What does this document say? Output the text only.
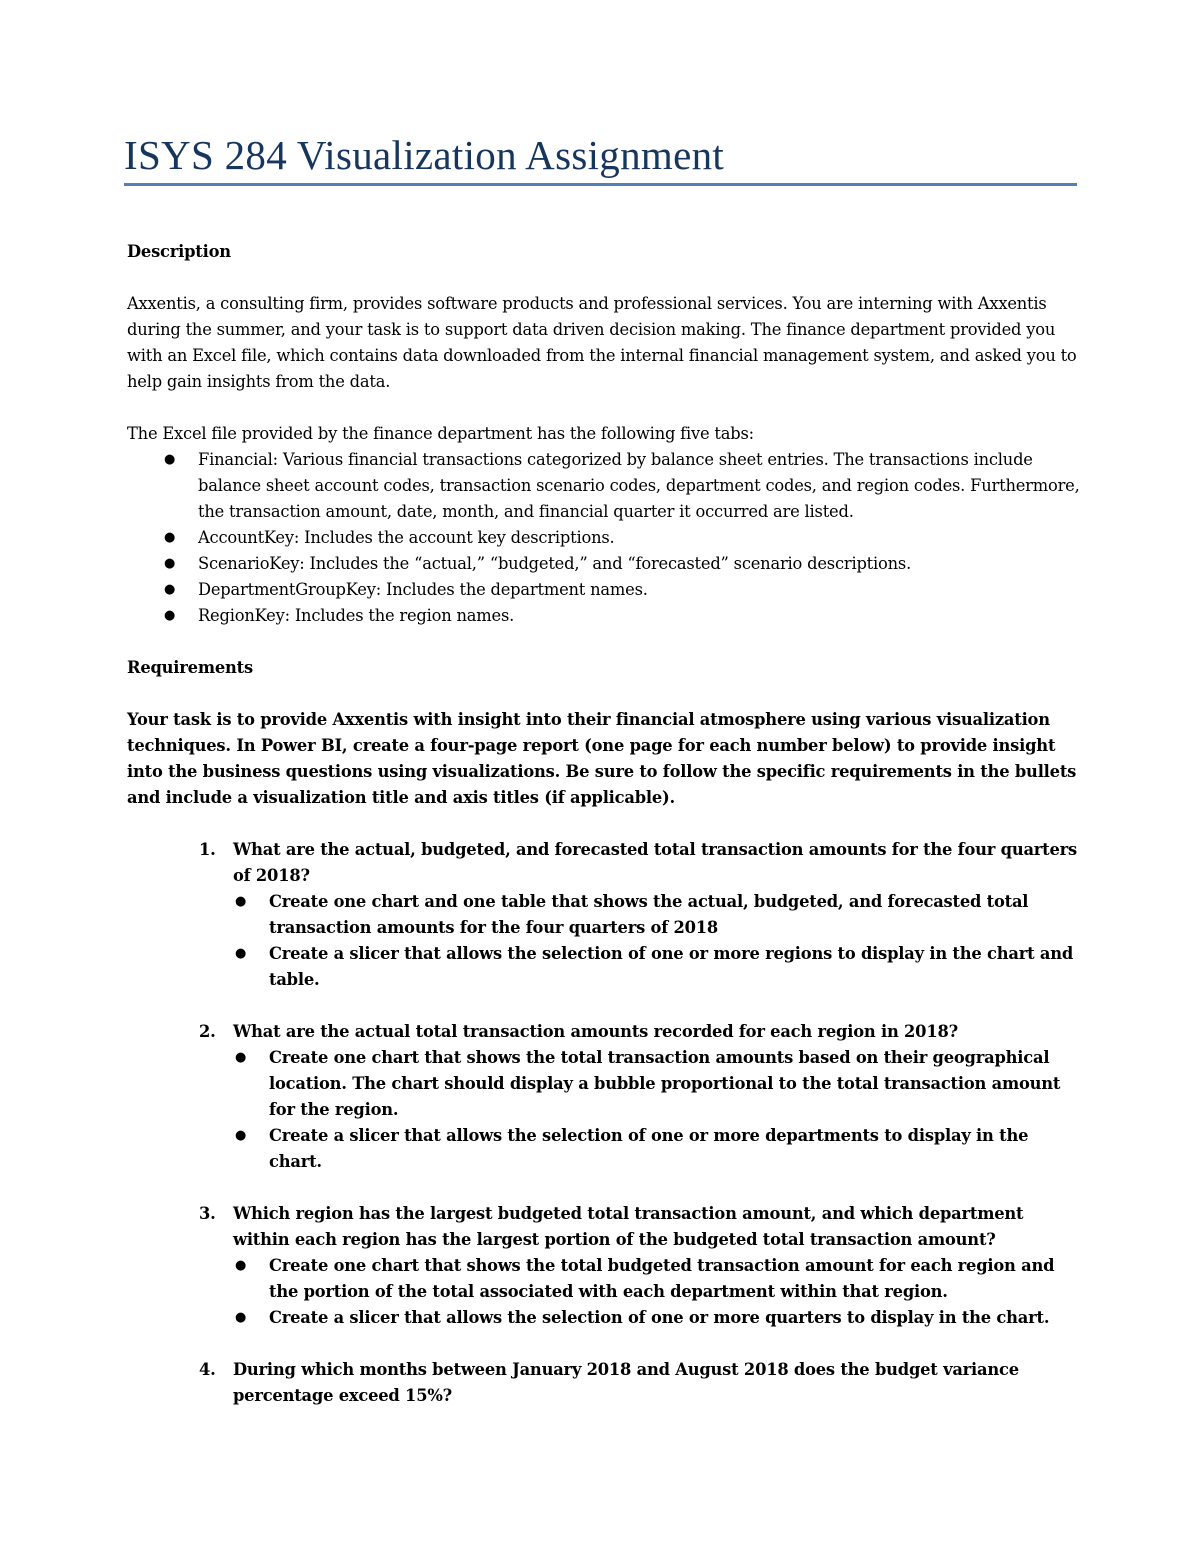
ISYS 284 Visualization Assignment

Description

Axxentis, a consulting firm, provides software products and professional services. You are interning with Axxentis during the summer, and your task is to support data driven decision making. The finance department provided you with an Excel file, which contains data downloaded from the internal financial management system, and asked you to help gain insights from the data.

The Excel file provided by the finance department has the following five tabs:

● Financial: Various financial transactions categorized by balance sheet entries. The transactions include balance sheet account codes, transaction scenario codes, department codes, and region codes. Furthermore, the transaction amount, date, month, and financial quarter it occurred are listed.
● AccountKey: Includes the account key descriptions.
● ScenarioKey: Includes the “actual,” “budgeted,” and “forecasted” scenario descriptions.
● DepartmentGroupKey: Includes the department names.
● RegionKey: Includes the region names.

Requirements

Your task is to provide Axxentis with insight into their financial atmosphere using various visualization techniques. In Power BI, create a four-page report (one page for each number below) to provide insight into the business questions using visualizations. Be sure to follow the specific requirements in the bullets and include a visualization title and axis titles (if applicable).

1. What are the actual, budgeted, and forecasted total transaction amounts for the four quarters of 2018?
● Create one chart and one table that shows the actual, budgeted, and forecasted total transaction amounts for the four quarters of 2018
● Create a slicer that allows the selection of one or more regions to display in the chart and table.
2. What are the actual total transaction amounts recorded for each region in 2018?
● Create one chart that shows the total transaction amounts based on their geographical location. The chart should display a bubble proportional to the total transaction amount for the region.
● Create a slicer that allows the selection of one or more departments to display in the chart.
3. Which region has the largest budgeted total transaction amount, and which department within each region has the largest portion of the budgeted total transaction amount?
● Create one chart that shows the total budgeted transaction amount for each region and the portion of the total associated with each department within that region.
● Create a slicer that allows the selection of one or more quarters to display in the chart.
4. During which months between January 2018 and August 2018 does the budget variance percentage exceed 15%?
